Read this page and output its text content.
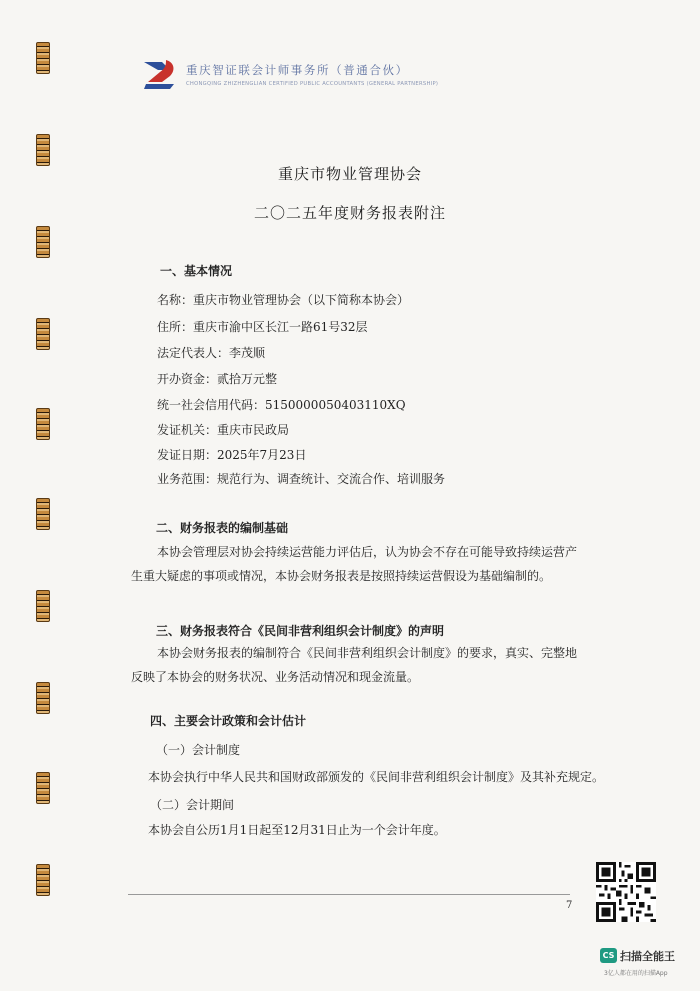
重庆智证联会计师事务所（普通合伙）
CHONGQING ZHIZHENGLIAN CERTIFIED PUBLIC ACCOUNTANTS (GENERAL PARTNERSHIP)
重庆市物业管理协会
二〇二五年度财务报表附注
一、基本情况
名称：重庆市物业管理协会（以下简称本协会）
住所：重庆市渝中区长江一路61号32层
法定代表人：李茂顺
开办资金：贰拾万元整
统一社会信用代码：5150000050403110XQ
发证机关：重庆市民政局
发证日期：2025年7月23日
业务范围：规范行为、调查统计、交流合作、培训服务
二、财务报表的编制基础
本协会管理层对协会持续运营能力评估后，认为协会不存在可能导致持续运营产生重大疑虑的事项或情况，本协会财务报表是按照持续运营假设为基础编制的。
三、财务报表符合《民间非营利组织会计制度》的声明
本协会财务报表的编制符合《民间非营利组织会计制度》的要求，真实、完整地反映了本协会的财务状况、业务活动情况和现金流量。
四、主要会计政策和会计估计
（一）会计制度
本协会执行中华人民共和国财政部颁发的《民间非营利组织会计制度》及其补充规定。
（二）会计期间
本协会自公历1月1日起至12月31日止为一个会计年度。
7
CS 扫描全能王
3亿人都在用的扫描App
